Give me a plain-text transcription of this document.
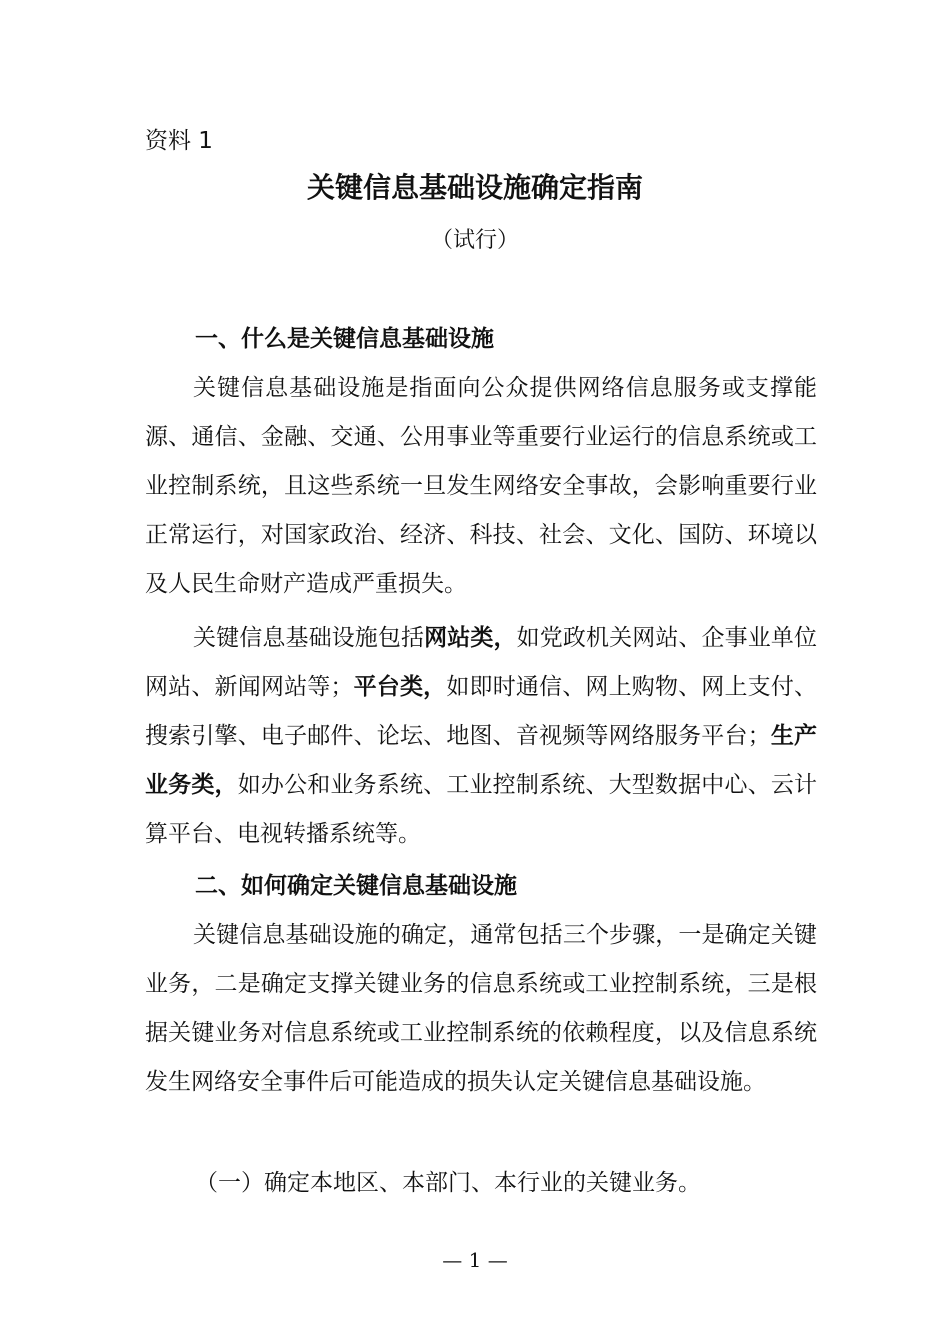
资料 1
关键信息基础设施确定指南
（试行）
一、什么是关键信息基础设施

关键信息基础设施是指面向公众提供网络信息服务或支撑能源、通信、金融、交通、公用事业等重要行业运行的信息系统或工业控制系统，且这些系统一旦发生网络安全事故，会影响重要行业正常运行，对国家政治、经济、科技、社会、文化、国防、环境以及人民生命财产造成严重损失。

关键信息基础设施包括网站类，如党政机关网站、企事业单位网站、新闻网站等；平台类，如即时通信、网上购物、网上支付、搜索引擎、电子邮件、论坛、地图、音视频等网络服务平台；生产业务类，如办公和业务系统、工业控制系统、大型数据中心、云计算平台、电视转播系统等。

二、如何确定关键信息基础设施

关键信息基础设施的确定，通常包括三个步骤，一是确定关键业务，二是确定支撑关键业务的信息系统或工业控制系统，三是根据关键业务对信息系统或工业控制系统的依赖程度，以及信息系统发生网络安全事件后可能造成的损失认定关键信息基础设施。

（一）确定本地区、本部门、本行业的关键业务。
— 1 —
